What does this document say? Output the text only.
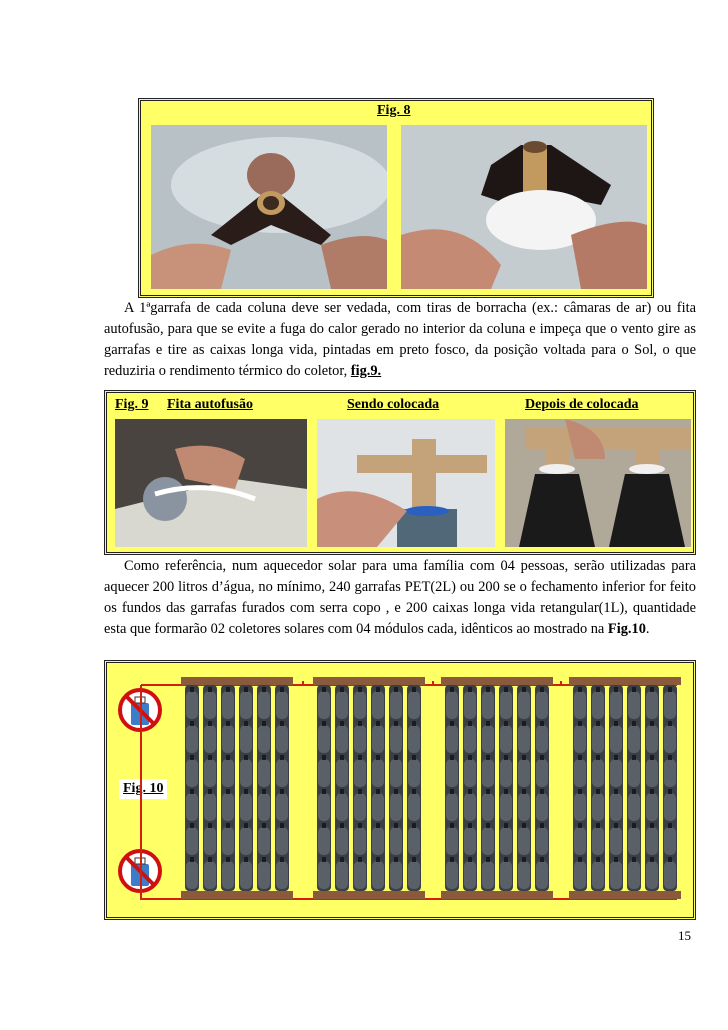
Fig. 8
A 1ªgarrafa de cada coluna deve ser vedada, com tiras de borracha (ex.: câmaras de ar) ou fita autofusão, para que se evite a fuga do calor gerado no interior da coluna e impeça que o vento gire as garrafas e tire as caixas longa vida, pintadas em preto fosco, da posição voltada para o Sol, o que reduziria o rendimento térmico do coletor, fig.9.
Fig. 9 Fita autofusão	Sendo colocada	Depois de colocada
Como referência, num aquecedor solar para uma família com 04 pessoas, serão utilizadas para aquecer 200 litros d’água, no mínimo, 240 garrafas PET(2L) ou 200 se o fechamento inferior for feito os fundos das garrafas furados com serra copo , e 200 caixas longa vida retangular(1L), quantidade esta que formarão 02 coletores solares com 04 módulos cada, idênticos ao mostrado na Fig.10.
Fig. 10
15
